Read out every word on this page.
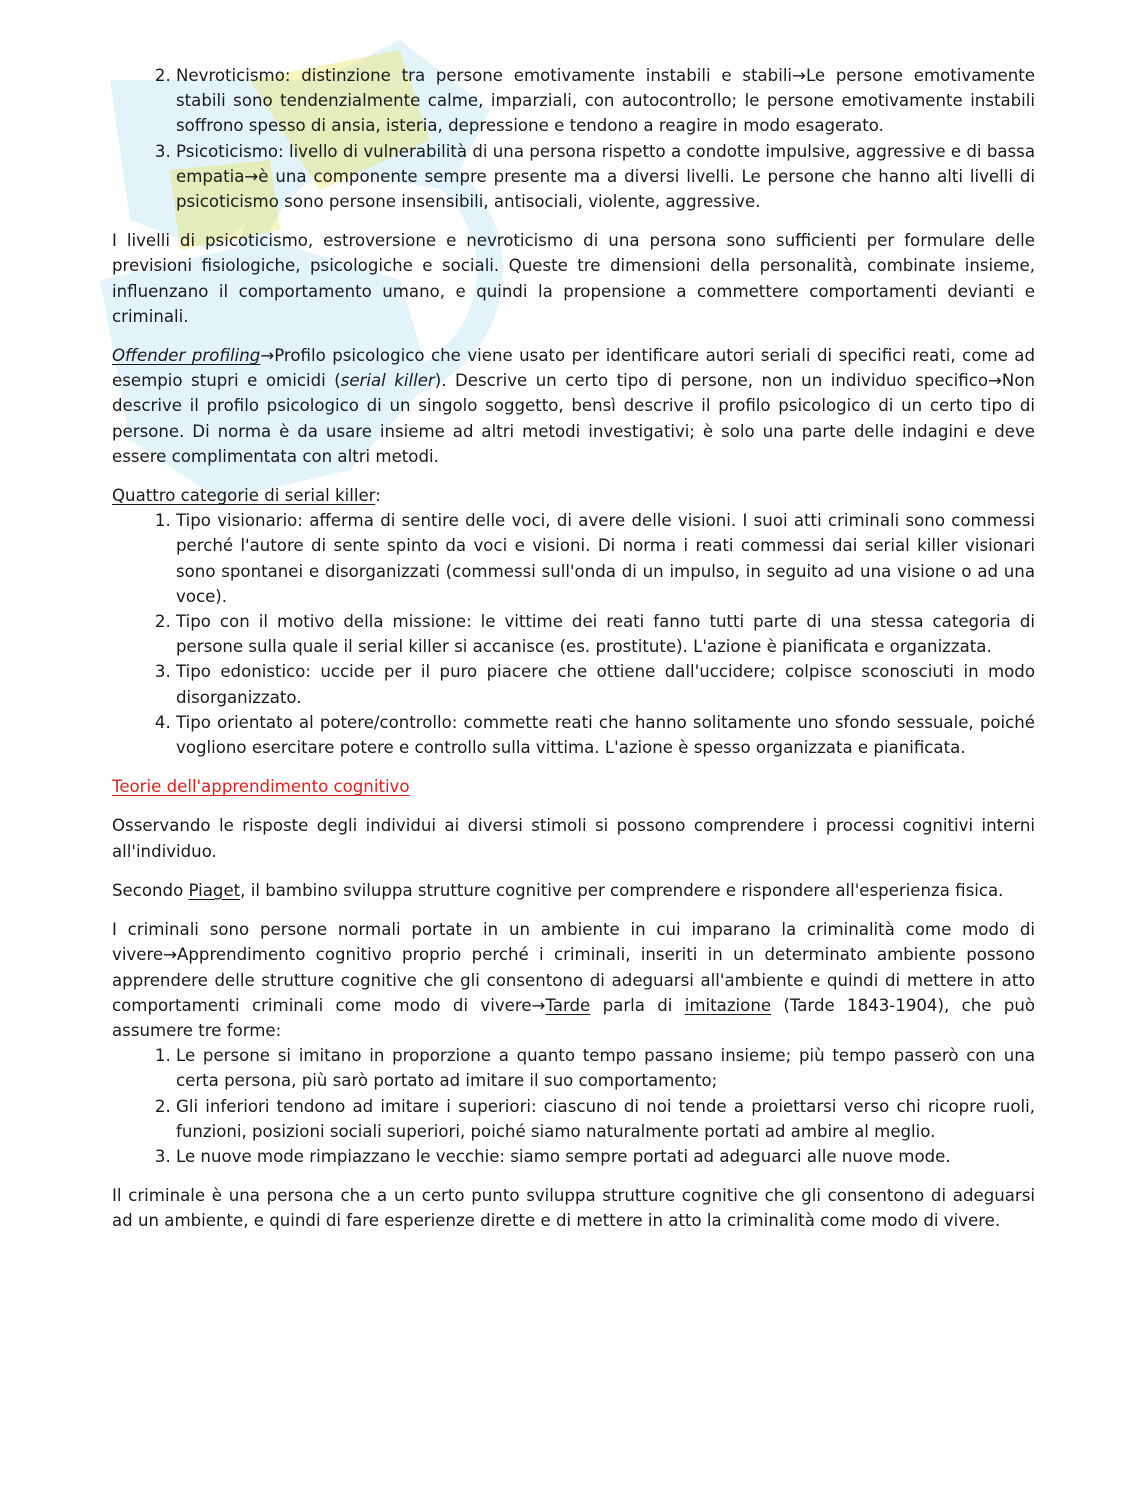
2. Nevroticismo: distinzione tra persone emotivamente instabili e stabili→Le persone emotivamente stabili sono tendenzialmente calme, imparziali, con autocontrollo; le persone emotivamente instabili soffrono spesso di ansia, isteria, depressione e tendono a reagire in modo esagerato.
3. Psicoticismo: livello di vulnerabilità di una persona rispetto a condotte impulsive, aggressive e di bassa empatia→è una componente sempre presente ma a diversi livelli. Le persone che hanno alti livelli di psicoticismo sono persone insensibili, antisociali, violente, aggressive.

I livelli di psicoticismo, estroversione e nevroticismo di una persona sono sufficienti per formulare delle previsioni fisiologiche, psicologiche e sociali. Queste tre dimensioni della personalità, combinate insieme, influenzano il comportamento umano, e quindi la propensione a commettere comportamenti devianti e criminali.

Offender profiling→Profilo psicologico che viene usato per identificare autori seriali di specifici reati, come ad esempio stupri e omicidi (serial killer). Descrive un certo tipo di persone, non un individuo specifico→Non descrive il profilo psicologico di un singolo soggetto, bensì descrive il profilo psicologico di un certo tipo di persone. Di norma è da usare insieme ad altri metodi investigativi; è solo una parte delle indagini e deve essere complimentata con altri metodi.

Quattro categorie di serial killer:

1. Tipo visionario: afferma di sentire delle voci, di avere delle visioni. I suoi atti criminali sono commessi perché l'autore di sente spinto da voci e visioni. Di norma i reati commessi dai serial killer visionari sono spontanei e disorganizzati (commessi sull'onda di un impulso, in seguito ad una visione o ad una voce).
2. Tipo con il motivo della missione: le vittime dei reati fanno tutti parte di una stessa categoria di persone sulla quale il serial killer si accanisce (es. prostitute). L'azione è pianificata e organizzata.
3. Tipo edonistico: uccide per il puro piacere che ottiene dall'uccidere; colpisce sconosciuti in modo disorganizzato.
4. Tipo orientato al potere/controllo: commette reati che hanno solitamente uno sfondo sessuale, poiché vogliono esercitare potere e controllo sulla vittima. L'azione è spesso organizzata e pianificata.

Teorie dell'apprendimento cognitivo

Osservando le risposte degli individui ai diversi stimoli si possono comprendere i processi cognitivi interni all'individuo.

Secondo Piaget, il bambino sviluppa strutture cognitive per comprendere e rispondere all'esperienza fisica.

I criminali sono persone normali portate in un ambiente in cui imparano la criminalità come modo di vivere→Apprendimento cognitivo proprio perché i criminali, inseriti in un determinato ambiente possono apprendere delle strutture cognitive che gli consentono di adeguarsi all'ambiente e quindi di mettere in atto comportamenti criminali come modo di vivere→Tarde parla di imitazione (Tarde 1843-1904), che può assumere tre forme:

1. Le persone si imitano in proporzione a quanto tempo passano insieme; più tempo passerò con una certa persona, più sarò portato ad imitare il suo comportamento;
2. Gli inferiori tendono ad imitare i superiori: ciascuno di noi tende a proiettarsi verso chi ricopre ruoli, funzioni, posizioni sociali superiori, poiché siamo naturalmente portati ad ambire al meglio.
3. Le nuove mode rimpiazzano le vecchie: siamo sempre portati ad adeguarci alle nuove mode.

Il criminale è una persona che a un certo punto sviluppa strutture cognitive che gli consentono di adeguarsi ad un ambiente, e quindi di fare esperienze dirette e di mettere in atto la criminalità come modo di vivere.
